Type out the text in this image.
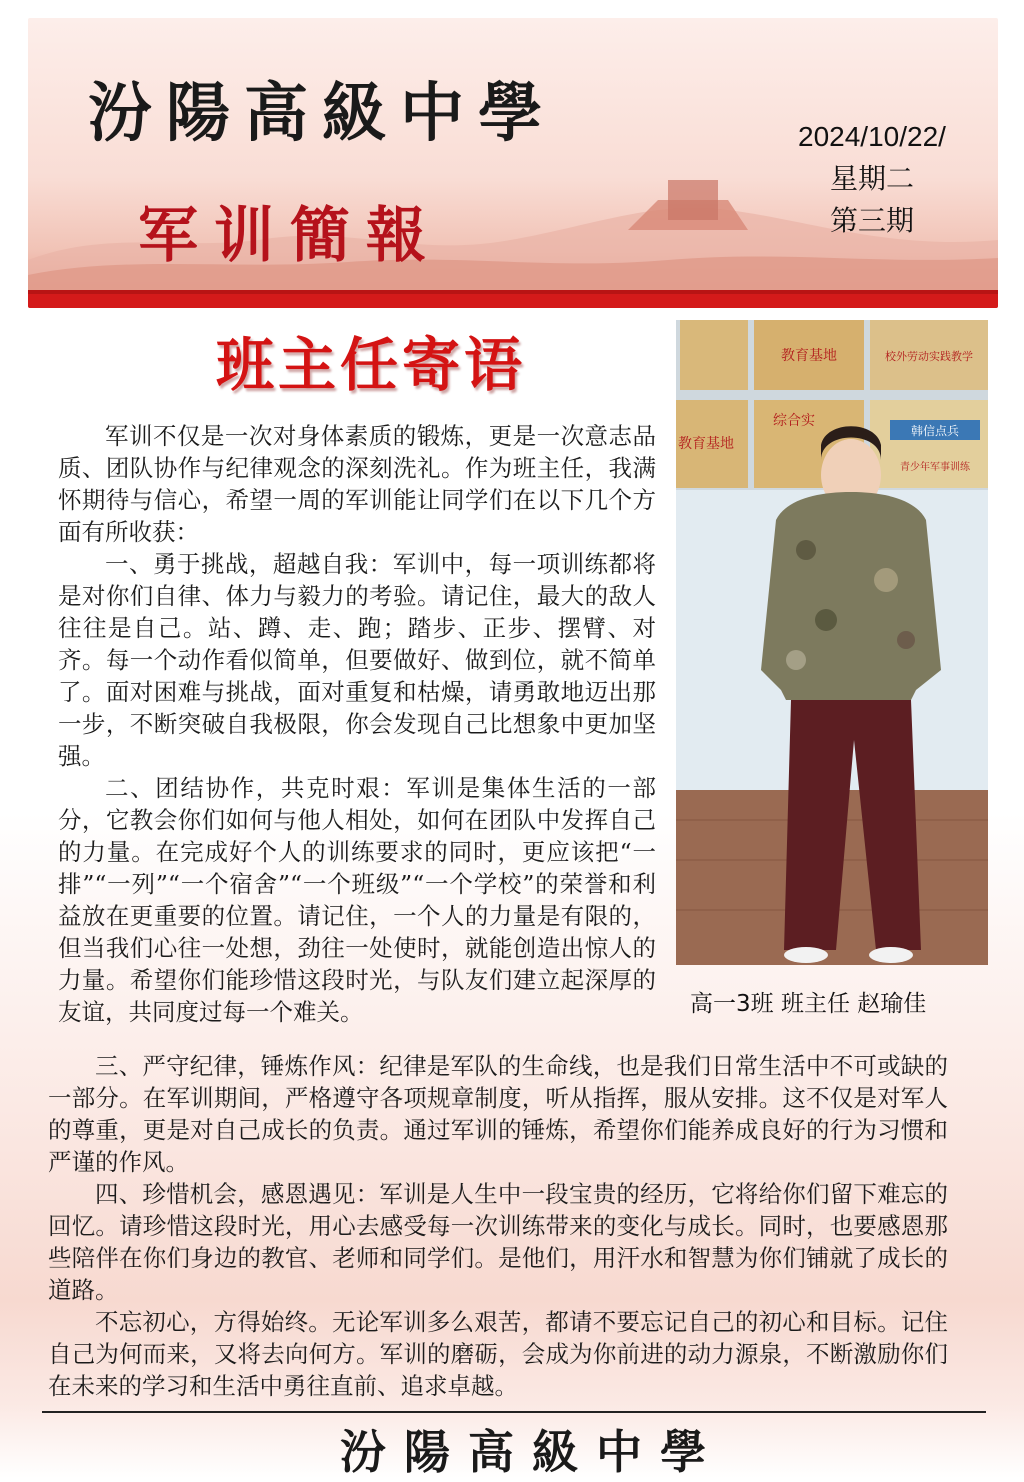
汾陽高級中學
军训簡報
2024/10/22/
星期二
第三期
班主任寄语	教育基地	校外劳动实践教学
教育基地
综合实
韩信点兵
青少年军事训练
高一3班 班主任 赵瑜佳

军训不仅是一次对身体素质的锻炼，更是一次意志品质、团队协作与纪律观念的深刻洗礼。作为班主任，我满怀期待与信心，希望一周的军训能让同学们在以下几个方面有所收获：

一、勇于挑战，超越自我：军训中，每一项训练都将是对你们自律、体力与毅力的考验。请记住，最大的敌人往往是自己。站、蹲、走、跑；踏步、正步、摆臂、对齐。每一个动作看似简单，但要做好、做到位，就不简单了。面对困难与挑战，面对重复和枯燥，请勇敢地迈出那一步，不断突破自我极限，你会发现自己比想象中更加坚强。

二、团结协作，共克时艰：军训是集体生活的一部分，它教会你们如何与他人相处，如何在团队中发挥自己的力量。在完成好个人的训练要求的同时，更应该把“一排”“一列”“一个宿舍”“一个班级”“一个学校”的荣誉和利益放在更重要的位置。请记住，一个人的力量是有限的，但当我们心往一处想，劲往一处使时，就能创造出惊人的力量。希望你们能珍惜这段时光，与队友们建立起深厚的友谊，共同度过每一个难关。

三、严守纪律，锤炼作风：纪律是军队的生命线，也是我们日常生活中不可或缺的一部分。在军训期间，严格遵守各项规章制度，听从指挥，服从安排。这不仅是对军人的尊重，更是对自己成长的负责。通过军训的锤炼，希望你们能养成良好的行为习惯和严谨的作风。

四、珍惜机会，感恩遇见：军训是人生中一段宝贵的经历，它将给你们留下难忘的回忆。请珍惜这段时光，用心去感受每一次训练带来的变化与成长。同时，也要感恩那些陪伴在你们身边的教官、老师和同学们。是他们，用汗水和智慧为你们铺就了成长的道路。

不忘初心，方得始终。无论军训多么艰苦，都请不要忘记自己的初心和目标。记住自己为何而来，又将去向何方。军训的磨砺，会成为你前进的动力源泉，不断激励你们在未来的学习和生活中勇往直前、追求卓越。

汾陽高級中學
